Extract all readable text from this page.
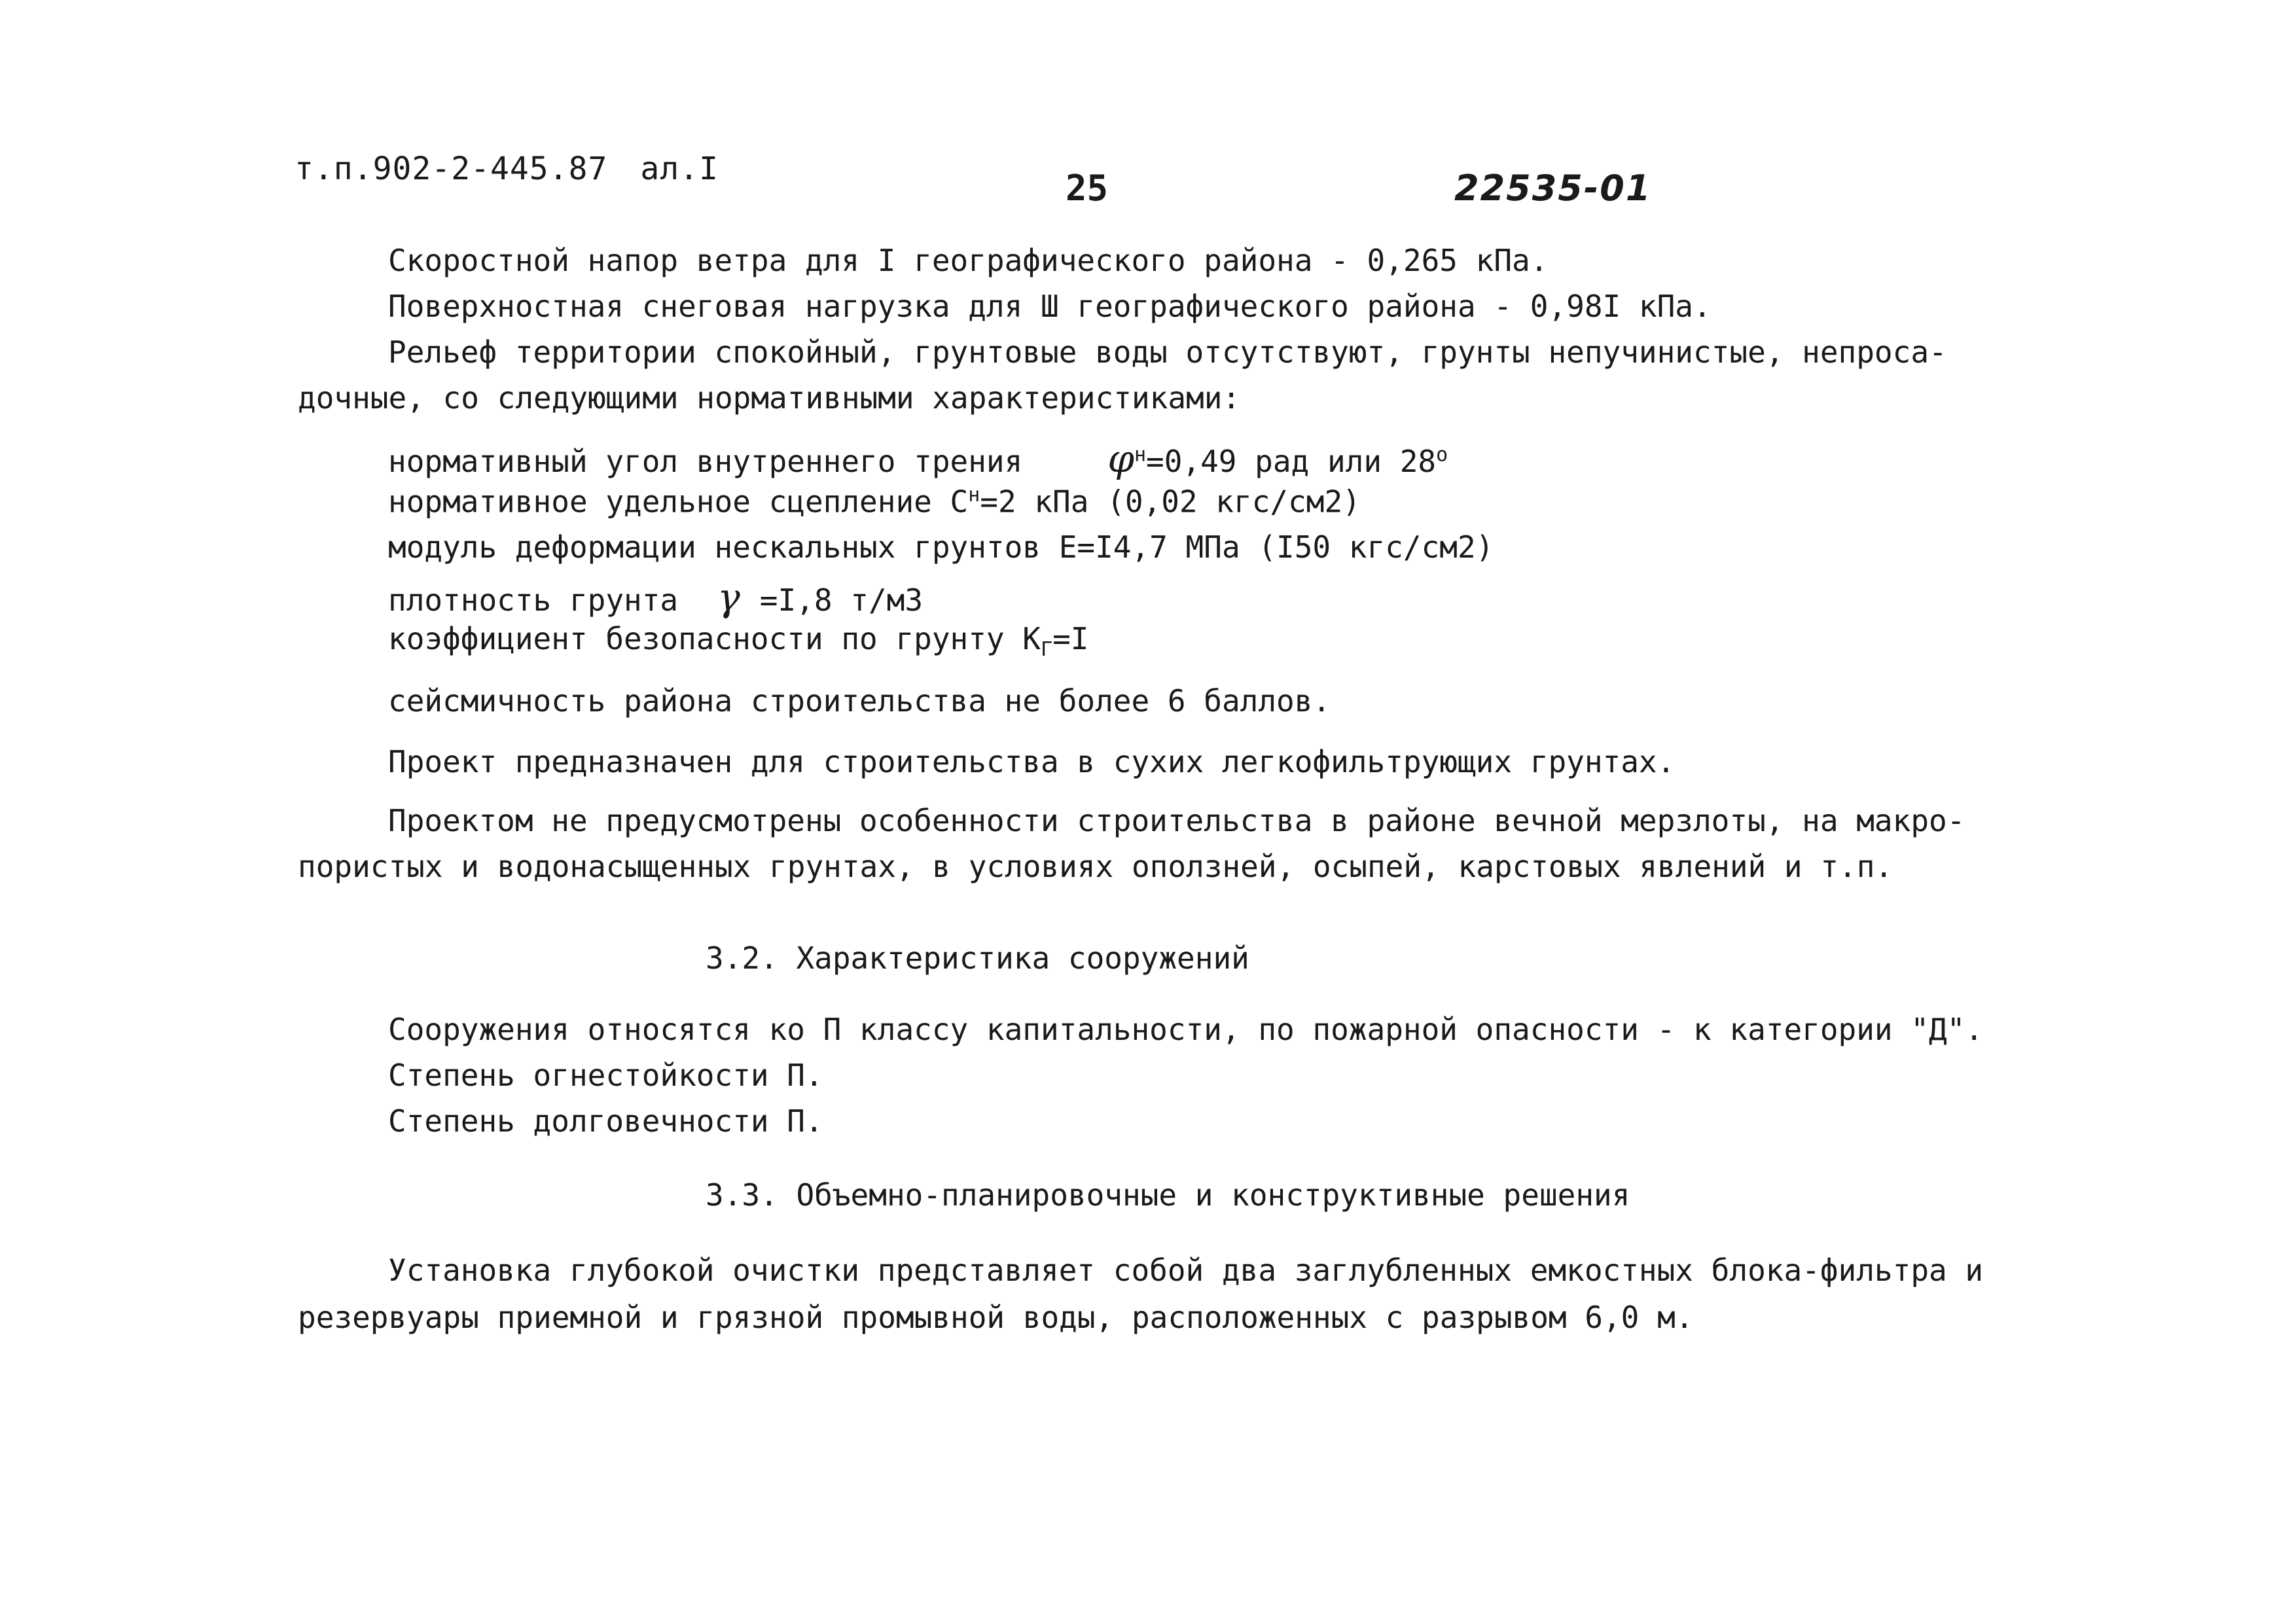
т.п.902-2-445.87 ал.I	25	22535-01
Скоростной напор ветра для I географического района - 0,265 кПа.
Поверхностная снеговая нагрузка для Ш географического района - 0,98I кПа.
Рельеф территории спокойный, грунтовые воды отсутствуют, грунты непучинистые, непроса-
дочные, со следующими нормативными характеристиками:
нормативный угол внутреннего трения $\varphi^н=0,49$ рад или 28$^o$
нормативное удельное сцепление $С^н=2$ кПа (0,02 кгс/см2)
модуль деформации нескальных грунтов Е=I4,7 МПа (I50 кгс/см2)
плотность грунта γ =I,8 т/м3
коэффициент безопасности по грунту $К_Г=I$
сейсмичность района строительства не более 6 баллов.
Проект предназначен для строительства в сухих легкофильтрующих грунтах.
Проектом не предусмотрены особенности строительства в районе вечной мерзлоты, на макро-
пористых и водонасыщенных грунтах, в условиях оползней, осыпей, карстовых явлений и т.п.
3.2. Характеристика сооружений
Сооружения относятся ко П классу капитальности, по пожарной опасности - к категории "Д".
Степень огнестойкости П.
Степень долговечности П.
3.3. Объемно-планировочные и конструктивные решения
Установка глубокой очистки представляет собой два заглубленных емкостных блока-фильтра и
резервуары приемной и грязной промывной воды, расположенных с разрывом 6,0 м.
